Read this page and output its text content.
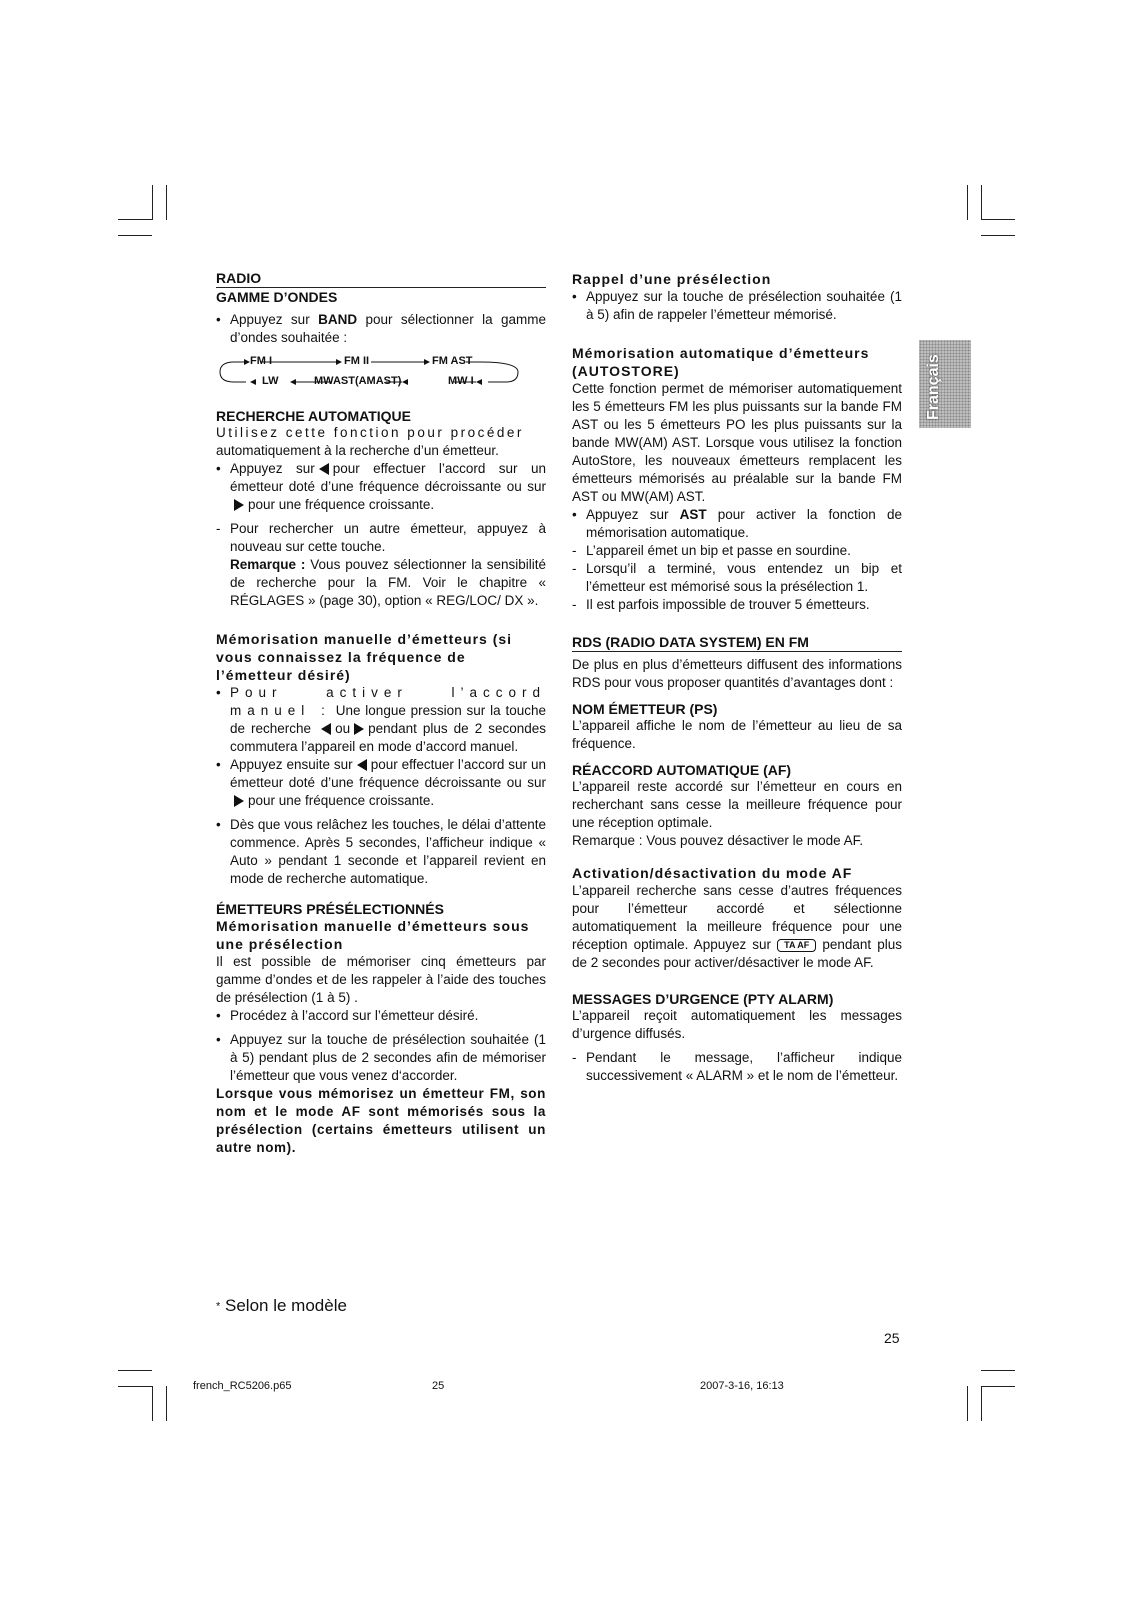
Français
RADIO
GAMME D’ONDES
• Appuyez sur BAND pour sélectionner la gamme d’ondes souhaitée :
FM I	FM II	FM AST
LW	MWAST(AMAST)	MW I
RECHERCHE AUTOMATIQUE

Utilisez cette fonction pour procéder

automatiquement à la recherche d’un émetteur.

• Appuyez sur pour effectuer l’accord sur un émetteur doté d’une fréquence décroissante ou surpour une fréquence croissante.
- Pour rechercher un autre émetteur, appuyez à nouveau sur cette touche.

Remarque : Vous pouvez sélectionner la sensibilité de recherche pour la FM. Voir le chapitre « RÉGLAGES » (page 30), option « REG/LOC/ DX ».

Mémorisation manuelle d’émetteurs (si vous connaissez la fréquence de l’émetteur désiré)
• Pour activer l’accord manuel : Une longue pression sur la touche de recherche ou pendant plus de 2 secondes commutera l’appareil en mode d’accord manuel.
• Appuyez ensuite sur pour effectuer l’accord sur un émetteur doté d’une fréquence décroissante ou surpour une fréquence croissante.
• Dès que vous relâchez les touches, le délai d’attente commence. Après 5 secondes, l’afficheur indique « Auto » pendant 1 seconde et l’appareil revient en mode de recherche automatique.
ÉMETTEURS PRÉSÉLECTIONNÉS
Mémorisation manuelle d’émetteurs sous une présélection

Il est possible de mémoriser cinq émetteurs par gamme d’ondes et de les rappeler à l’aide des touches de présélection (1 à 5) .

• Procédez à l’accord sur l’émetteur désiré.
• Appuyez sur la touche de présélection souhaitée (1 à 5) pendant plus de 2 secondes afin de mémoriser l’émetteur que vous venez d‘accorder.

Lorsque vous mémorisez un émetteur FM, son nom et le mode AF sont mémorisés sous la présélection (certains émetteurs utilisent un autre nom).

* Selon le modèle
Rappel d’une présélection
• Appuyez sur la touche de présélection souhaitée (1 à 5) afin de rappeler l’émetteur mémorisé.
Mémorisation automatique d’émetteurs (AUTOSTORE)

Cette fonction permet de mémoriser automatiquement les 5 émetteurs FM les plus puissants sur la bande FM AST ou les 5 émetteurs PO les plus puissants sur la bande MW(AM) AST. Lorsque vous utilisez la fonction AutoStore, les nouveaux émetteurs remplacent les émetteurs mémorisés au préalable sur la bande FM AST ou MW(AM) AST.

• Appuyez sur AST pour activer la fonction de mémorisation automatique.
- L’appareil émet un bip et passe en sourdine.
- Lorsqu’il a terminé, vous entendez un bip et l’émetteur est mémorisé sous la présélection 1.
- Il est parfois impossible de trouver 5 émetteurs.
RDS (RADIO DATA SYSTEM) EN FM

De plus en plus d’émetteurs diffusent des informations RDS pour vous proposer quantités d’avantages dont :

NOM ÉMETTEUR (PS)

L’appareil affiche le nom de l’émetteur au lieu de sa fréquence.

RÉACCORD AUTOMATIQUE (AF)

L’appareil reste accordé sur l’émetteur en cours en recherchant sans cesse la meilleure fréquence pour une réception optimale.

Remarque : Vous pouvez désactiver le mode AF.

Activation/désactivation du mode AF

L’appareil recherche sans cesse d’autres fréquences pour l’émetteur accordé et sélectionne automatiquement la meilleure fréquence pour une réception optimale. Appuyez sur TA AF pendant plus de 2 secondes pour activer/désactiver le mode AF.

MESSAGES D’URGENCE (PTY ALARM)

L’appareil reçoit automatiquement les messages d’urgence diffusés.

- Pendant le message, l’afficheur indique successivement « ALARM » et le nom de l’émetteur.
25
french_RC5206.p65	25	2007-3-16, 16:13
